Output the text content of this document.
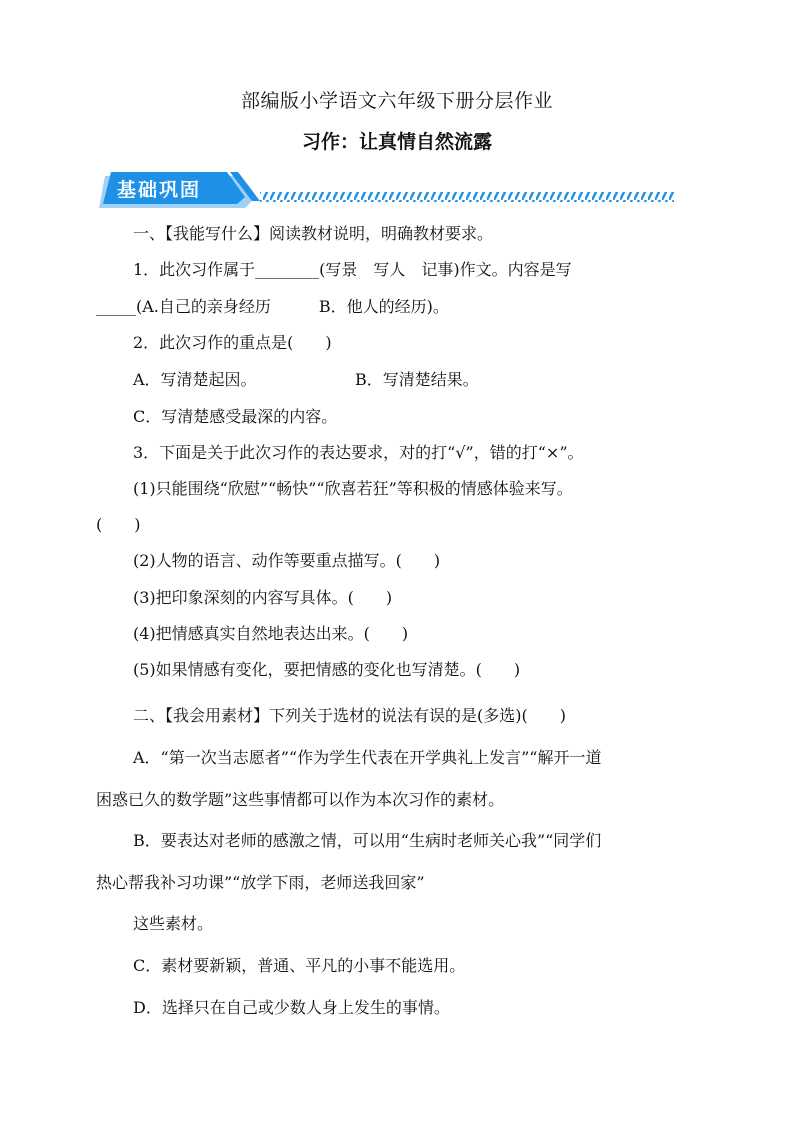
部编版小学语文六年级下册分层作业
习作：让真情自然流露
基础巩固
一、【我能写什么】阅读教材说明，明确教材要求。
1．此次习作属于________(写景　写人　记事)作文。内容是写
_____(A.自己的亲身经历　　　B．他人的经历)。
2．此次习作的重点是(　　)
A．写清楚起因。	B．写清楚结果。
C．写清楚感受最深的内容。
3．下面是关于此次习作的表达要求，对的打“√”，错的打“×”。
(1)只能围绕“欣慰”“畅快”“欣喜若狂”等积极的情感体验来写。
(　　)
(2)人物的语言、动作等要重点描写。(　　)
(3)把印象深刻的内容写具体。(　　)
(4)把情感真实自然地表达出来。(　　)
(5)如果情感有变化，要把情感的变化也写清楚。(　　)
二、【我会用素材】下列关于选材的说法有误的是(多选)(　　)
A．“第一次当志愿者”“作为学生代表在开学典礼上发言”“解开一道
困惑已久的数学题”这些事情都可以作为本次习作的素材。
B．要表达对老师的感激之情，可以用“生病时老师关心我”“同学们
热心帮我补习功课”“放学下雨，老师送我回家”
这些素材。
C．素材要新颖，普通、平凡的小事不能选用。
D．选择只在自己或少数人身上发生的事情。
